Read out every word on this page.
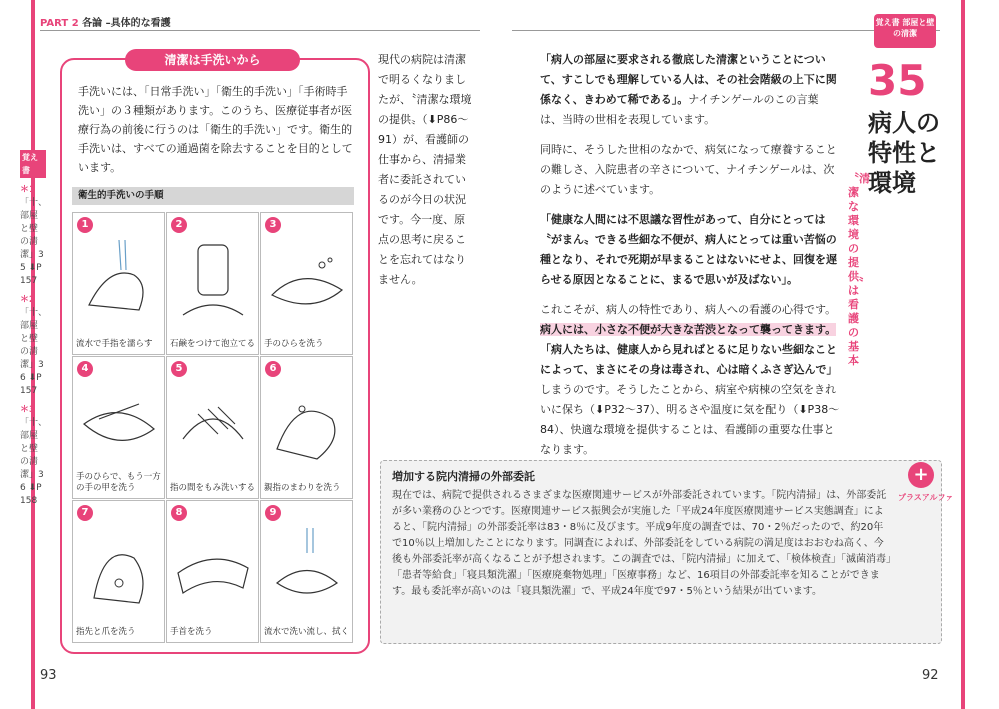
PART 2 各論 –具体的な看護
覚え書
＊1
「十、部屋と壁の清潔」35 ⬇P157
＊2
「十、部屋と壁の清潔」36 ⬇P157
＊3
「十、部屋と壁の清潔」36 ⬇P158
清潔は手洗いから
手洗いには、「日常手洗い」「衛生的手洗い」「手術時手洗い」の３種類があります。このうち、医療従事者が医療行為の前後に行うのは「衛生的手洗い」です。衛生的手洗いは、すべての通過菌を除去することを目的としています。
衛生的手洗いの手順
1
流水で手指を濡らす
2
石鹸をつけて泡立てる
3
手のひらを洗う
4
手のひらで、もう一方の手の甲を洗う
5
指の間をもみ洗いする
6
親指のまわりを洗う
7
指先と爪を洗う
8
手首を洗う
9
流水で洗い流し、拭く

現代の病院は清潔で明るくなりましたが、〝清潔な環境の提供〟（⬇P86〜91）が、看護師の仕事から、清掃業者に委託されているのが今日の状況です。今一度、原点の思考に戻ることを忘れてはなりません。

93
覚え書 部屋と壁の清潔
35
病人の特性と環境
〝清潔な環境の提供〟は看護の基本

「病人の部屋に要求される徹底した清潔ということについて、すこしでも理解している人は、その社会階級の上下に関係なく、きわめて稀である」。ナイチンゲールのこの言葉は、当時の世相を表現しています。

同時に、そうした世相のなかで、病気になって療養することの難しさ、入院患者の辛さについて、ナイチンゲールは、次のように述べています。

「健康な人間には不思議な習性があって、自分にとっては〝がまん〟できる些細な不便が、病人にとっては重い苦悩の種となり、それで死期が早まることはないにせよ、回復を遅らせる原因となることに、まるで思いが及ばない」。

これこそが、病人の特性であり、病人への看護の心得です。病人には、小さな不便が大きな苦渋となって襲ってきます。「病人たちは、健康人から見ればとるに足りない些細なことによって、まさにその身は毒され、心は暗くふさぎ込んで」しまうのです。そうしたことから、病室や病棟の空気をきれいに保ち（⬇P32〜37）、明るさや温度に気を配り（⬇P38〜84）、快適な環境を提供することは、看護師の重要な仕事となります。

+
プラスアルファ
増加する院内清掃の外部委託
現在では、病院で提供されるさまざまな医療関連サービスが外部委託されています。「院内清掃」は、外部委託が多い業務のひとつです。医療関連サービス振興会が実施した「平成24年度医療関連サービス実態調査」によると、「院内清掃」の外部委託率は83・8％に及びます。平成9年度の調査では、70・2％だったので、約20年で10％以上増加したことになります。同調査によれば、外部委託をしている病院の満足度はおおむね高く、今後も外部委託率が高くなることが予想されます。この調査では、「院内清掃」に加えて、「検体検査」「滅菌消毒」「患者等給食」「寝具類洗濯」「医療廃棄物処理」「医療事務」など、16項目の外部委託率を知ることができます。最も委託率が高いのは「寝具類洗濯」で、平成24年度で97・5％という結果が出ています。
92
